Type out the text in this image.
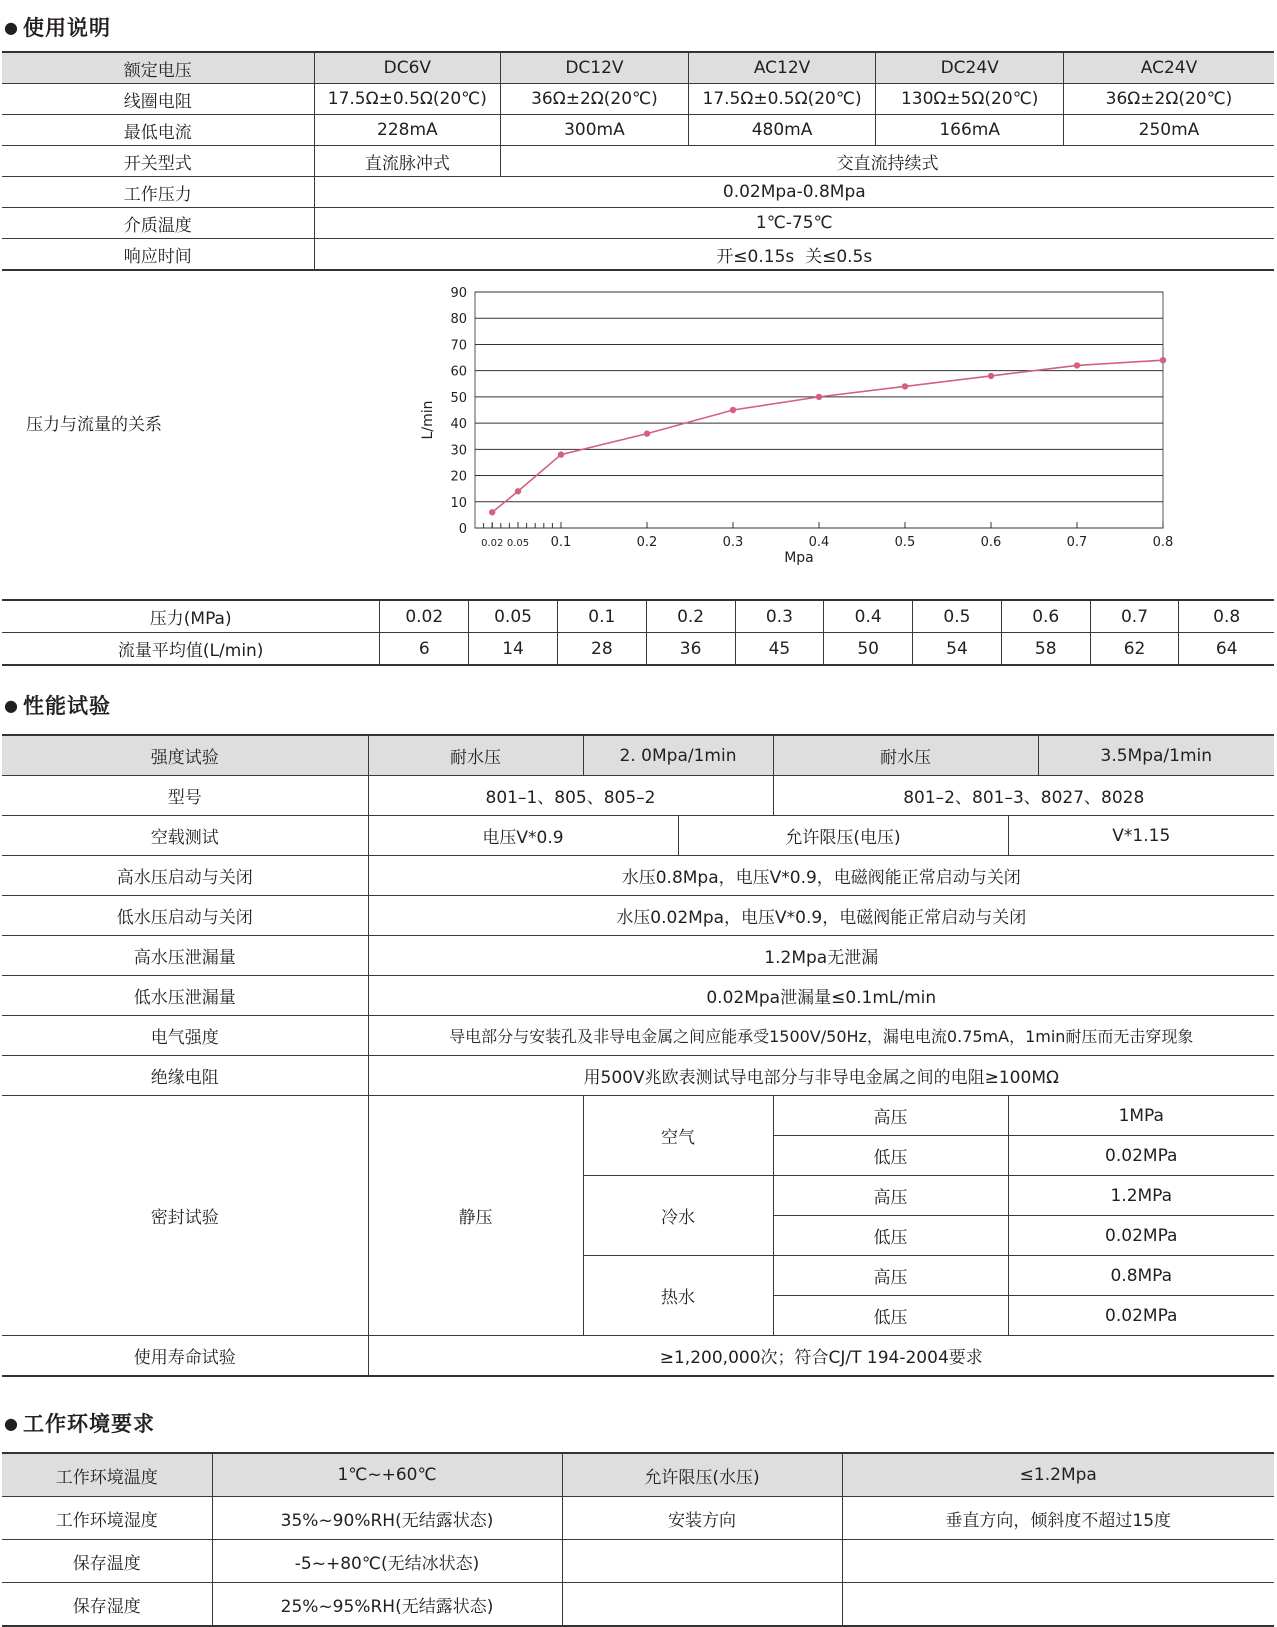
● 使用说明
额定电压	DC6V	DC12V	AC12V	DC24V	AC24V
线圈电阻	17.5Ω±0.5Ω(20℃)	36Ω±2Ω(20℃)	17.5Ω±0.5Ω(20℃)	130Ω±5Ω(20℃)	36Ω±2Ω(20℃)
最低电流	228mA	300mA	480mA	166mA	250mA
开关型式	直流脉冲式	交直流持续式			
工作压力	0.02Mpa-0.8Mpa				
介质温度	1℃-75℃				
响应时间	开≤0.15s  关≤0.5s				
压力与流量的关系
0
10
20
30
40
50
60
70
80
90
0.02 0.05 0.1	0.2	0.3	0.4	0.5	0.6	0.7	0.8
Mpa
L/min
压力(MPa)	0.02	0.05	0.1	0.2	0.3	0.4	0.5	0.6	0.7	0.8
流量平均值(L/min)	6	14	28	36	45	50	54	58	62	64
● 性能试验
强度试验	耐水压	2. 0Mpa/1min		耐水压		3.5Mpa/1min
型号	801–1、805、805–2			801–2、801–3、8027、8028		
空载测试	电压V*0.9		允许限压(电压)		V*1.15	
高水压启动与关闭	水压0.8Mpa，电压V*0.9，电磁阀能正常启动与关闭					
低水压启动与关闭	水压0.02Mpa，电压V*0.9，电磁阀能正常启动与关闭					
高水压泄漏量	1.2Mpa无泄漏					
低水压泄漏量	0.02Mpa泄漏量≤0.1mL/min					
电气强度	导电部分与安装孔及非导电金属之间应能承受1500V/50Hz，漏电电流0.75mA，1min耐压而无击穿现象					
绝缘电阻	用500V兆欧表测试导电部分与非导电金属之间的电阻≥100MΩ					
密封试验	静压	空气		高压	1MPa	
				低压	0.02MPa	
		冷水		高压	1.2MPa	
				低压	0.02MPa	
		热水		高压	0.8MPa	
				低压	0.02MPa	
使用寿命试验	≥1,200,000次；符合CJ/T 194-2004要求					
● 工作环境要求
工作环境温度	1℃~+60℃	允许限压(水压)	≤1.2Mpa
工作环境湿度	35%~90%RH(无结露状态)	安装方向	垂直方向，倾斜度不超过15度
保存温度	-5~+80℃(无结冰状态)		
保存湿度	25%~95%RH(无结露状态)		
